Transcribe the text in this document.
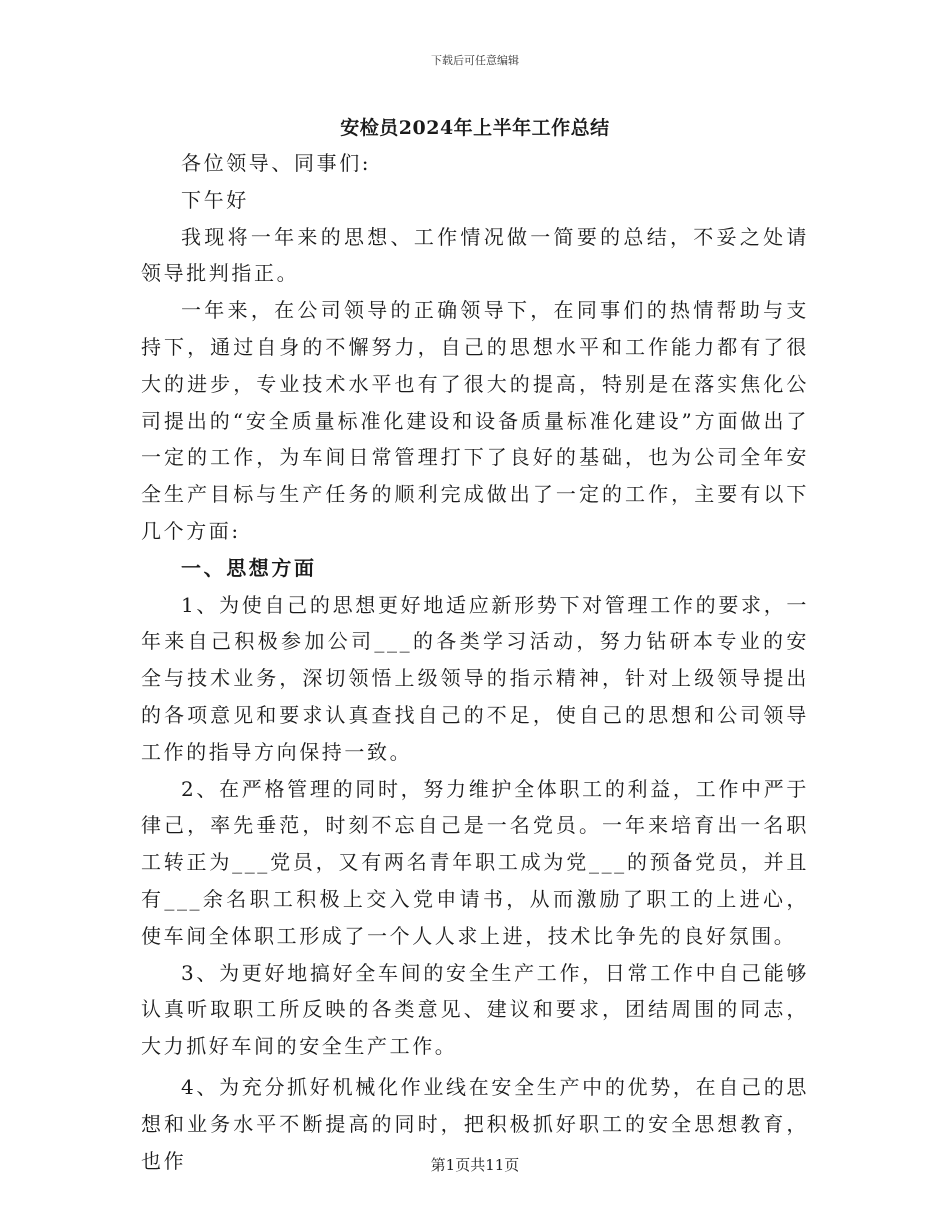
下载后可任意编辑
安检员2024年上半年工作总结

各位领导、同事们:

下午好

我现将一年来的思想、工作情况做一简要的总结，不妥之处请领导批判指正。

一年来，在公司领导的正确领导下，在同事们的热情帮助与支持下，通过自身的不懈努力，自己的思想水平和工作能力都有了很大的进步，专业技术水平也有了很大的提高，特别是在落实焦化公司提出的“安全质量标准化建设和设备质量标准化建设”方面做出了一定的工作，为车间日常管理打下了良好的基础，也为公司全年安全生产目标与生产任务的顺利完成做出了一定的工作，主要有以下几个方面:

一、思想方面

1、为使自己的思想更好地适应新形势下对管理工作的要求，一年来自己积极参加公司___的各类学习活动，努力钻研本专业的安全与技术业务，深切领悟上级领导的指示精神，针对上级领导提出的各项意见和要求认真查找自己的不足，使自己的思想和公司领导工作的指导方向保持一致。

2、在严格管理的同时，努力维护全体职工的利益，工作中严于律己，率先垂范，时刻不忘自己是一名党员。一年来培育出一名职工转正为___党员，又有两名青年职工成为党___的预备党员，并且有___余名职工积极上交入党申请书，从而激励了职工的上进心，使车间全体职工形成了一个人人求上进，技术比争先的良好氛围。

3、为更好地搞好全车间的安全生产工作，日常工作中自己能够认真听取职工所反映的各类意见、建议和要求，团结周围的同志，大力抓好车间的安全生产工作。

4、为充分抓好机械化作业线在安全生产中的优势，在自己的思想和业务水平不断提高的同时，把积极抓好职工的安全思想教育，也作	第1页共11页
